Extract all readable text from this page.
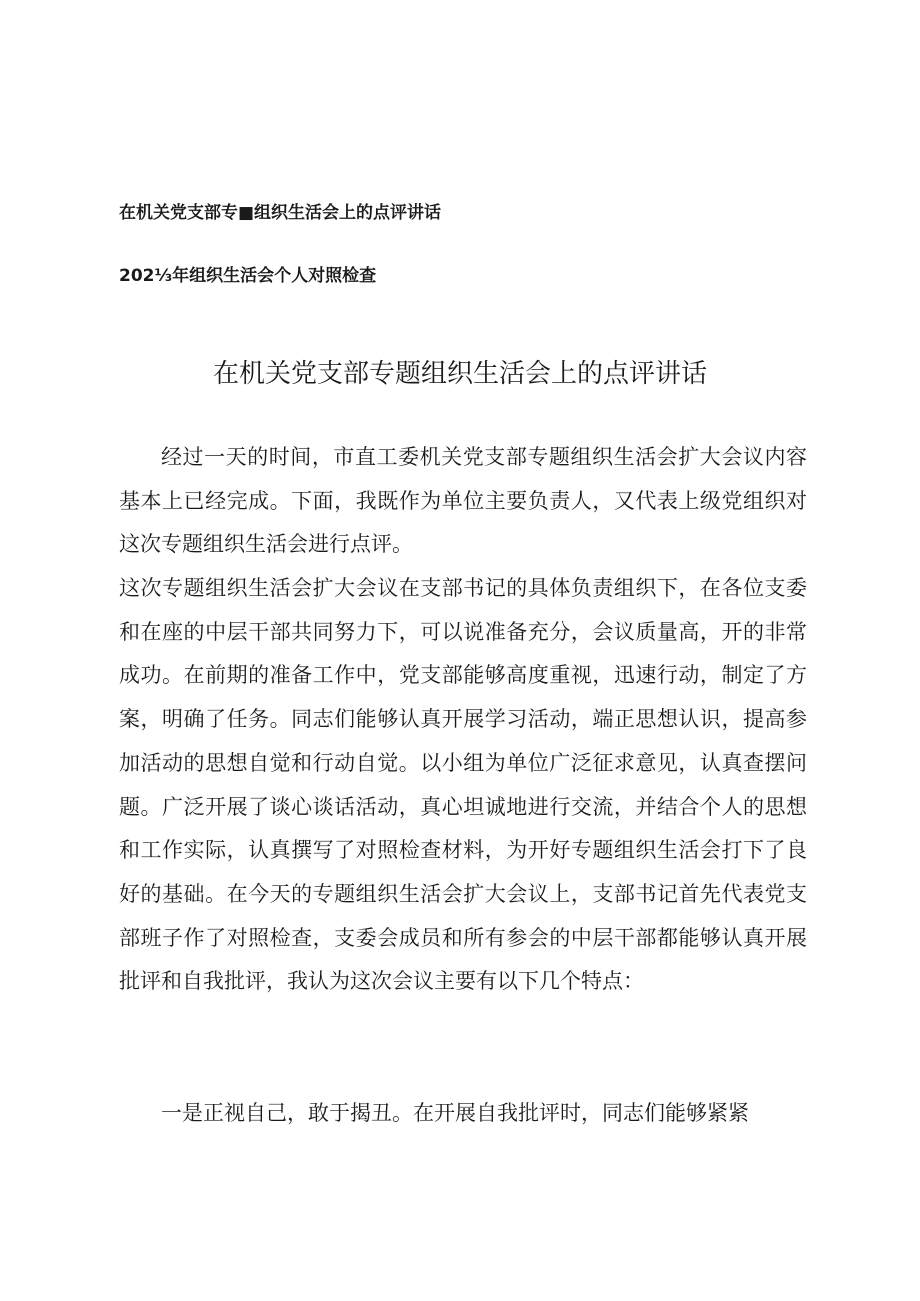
在机关党支部专■组织生活会上的点评讲话
202⅓年组织生活会个人对照检查
在机关党支部专题组织生活会上的点评讲话

经过一天的时间，市直工委机关党支部专题组织生活会扩大会议内容基本上已经完成。下面，我既作为单位主要负责人，又代表上级党组织对这次专题组织生活会进行点评。

这次专题组织生活会扩大会议在支部书记的具体负责组织下，在各位支委和在座的中层干部共同努力下，可以说准备充分，会议质量高，开的非常成功。在前期的准备工作中，党支部能够高度重视，迅速行动，制定了方案，明确了任务。同志们能够认真开展学习活动，端正思想认识，提高参加活动的思想自觉和行动自觉。以小组为单位广泛征求意见，认真查摆问题。广泛开展了谈心谈话活动，真心坦诚地进行交流，并结合个人的思想和工作实际，认真撰写了对照检查材料，为开好专题组织生活会打下了良好的基础。在今天的专题组织生活会扩大会议上，支部书记首先代表党支部班子作了对照检查，支委会成员和所有参会的中层干部都能够认真开展批评和自我批评，我认为这次会议主要有以下几个特点：

一是正视自己，敢于揭丑。在开展自我批评时，同志们能够紧紧
